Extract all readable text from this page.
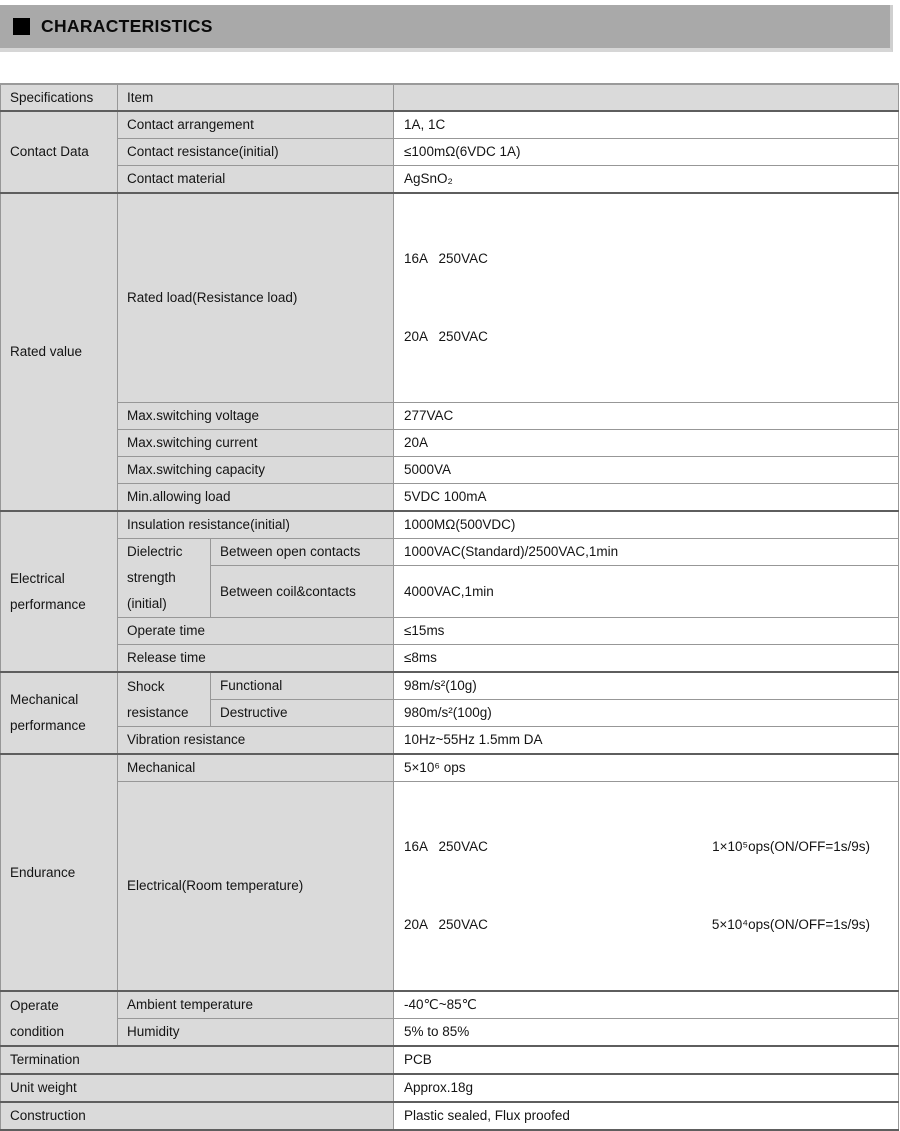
CHARACTERISTICS
Specifications	Item		
Contact Data	Contact arrangement		1A, 1C
	Contact resistance(initial)		≤100mΩ(6VDC 1A)
	Contact material		AgSnO₂
Rated value	Rated load(Resistance load)		16A   250VAC

20A   250VAC

	Max.switching voltage		277VAC
	Max.switching current		20A
	Max.switching capacity		5000VA
	Min.allowing load		5VDC 100mA
Electrical performance	Insulation resistance(initial)		1000MΩ(500VDC)
	Dielectric strength (initial)	Between open contacts	1000VAC(Standard)/2500VAC,1min
		Between coil&contacts	4000VAC,1min
	Operate time		≤15ms
	Release time		≤8ms
Mechanical performance	Shock resistance	Functional	98m/s²(10g)
		Destructive	980m/s²(100g)
	Vibration resistance		10Hz~55Hz 1.5mm DA
Endurance	Mechanical		5×10⁶ ops
	Electrical(Room temperature)		16A   250VAC 1×10⁵ops(ON/OFF=1s/9s)

20A   250VAC 5×10⁴ops(ON/OFF=1s/9s)

Operate condition	Ambient temperature		-40℃~85℃
	Humidity		5% to 85%
Termination			PCB
Unit weight			Approx.18g
Construction			Plastic sealed, Flux proofed
